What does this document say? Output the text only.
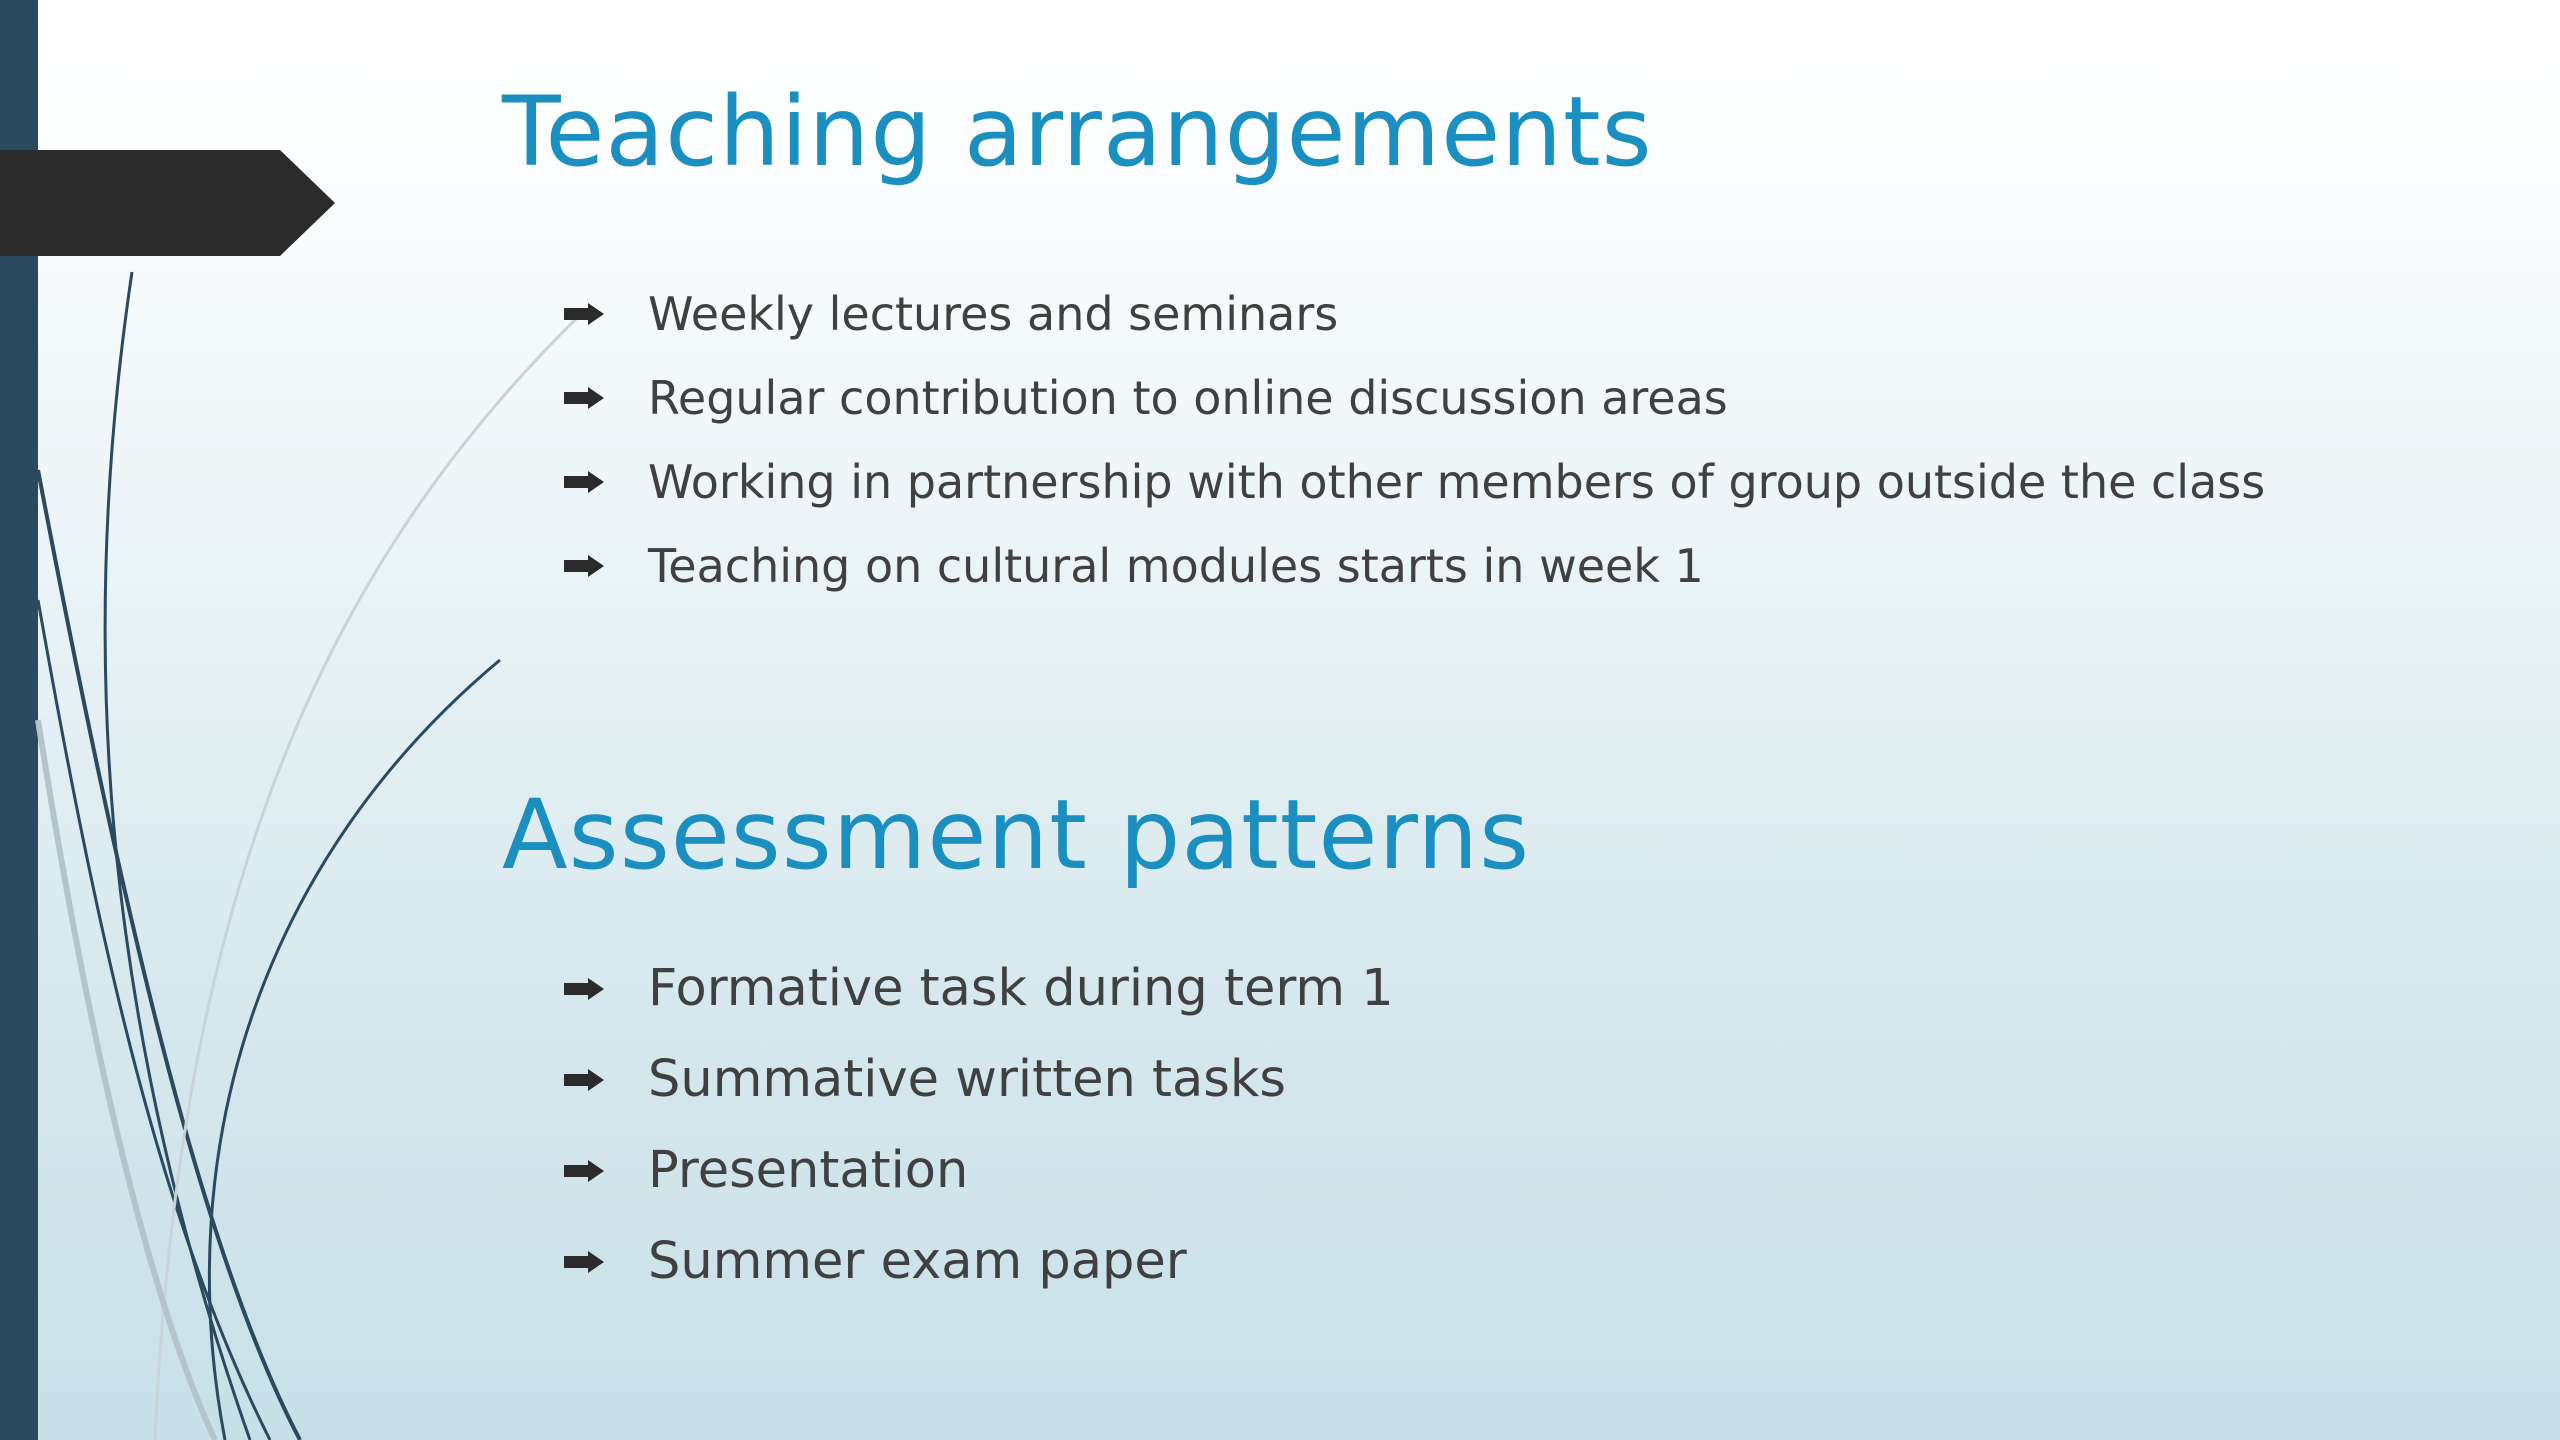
Teaching arrangements
Weekly lectures and seminars
Regular contribution to online discussion areas
Working in partnership with other members of group outside the class
Teaching on cultural modules starts in week 1
Assessment patterns
Formative task during term 1
Summative written tasks
Presentation
Summer exam paper
